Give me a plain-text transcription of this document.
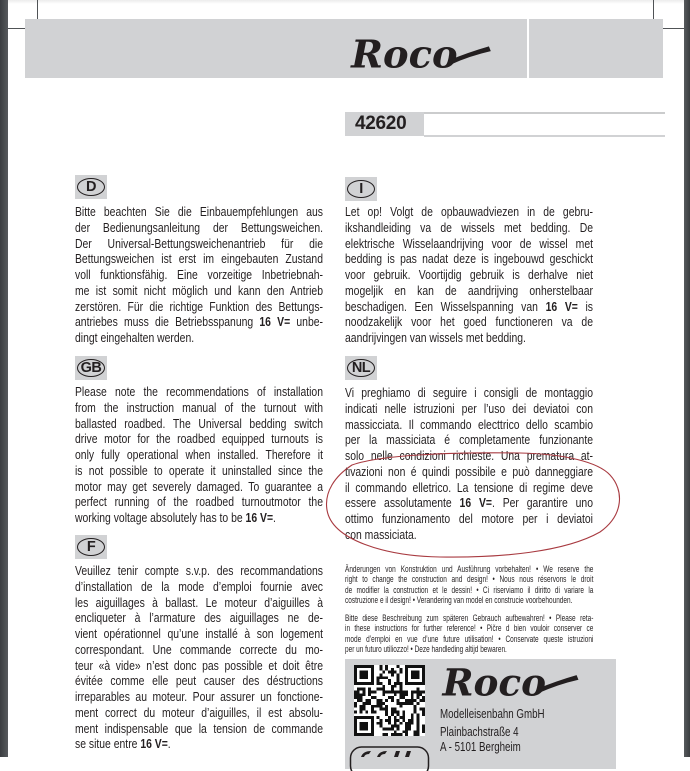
Roco
42620
D
Bitte beachten Sie die Einbauempfehlungen aus
der Bedienungsanleitung der Bettungsweichen.
Der Universal-Bettungsweichenantrieb für die
Bettungsweichen ist erst im eingebauten Zustand
voll funktionsfähig. Eine vorzeitige Inbetriebnah-
me ist somit nicht möglich und kann den Antrieb
zerstören. Für die richtige Funktion des Bettungs-
antriebes muss die Betriebsspanung 16 V= unbe-
dingt eingehalten werden.
GB
Please note the recommendations of installation
from the instruction manual of the turnout with
ballasted roadbed. The Universal bedding switch
drive motor for the roadbed equipped turnouts is
only fully operational when installed. Therefore it
is not possible to operate it uninstalled since the
motor may get severely damaged. To guarantee a
perfect running of the roadbed turnoutmotor the
working voltage absolutely has to be 16 V=.
F
Veuillez tenir compte s.v.p. des recommandations
d’installation de la mode d’emploi fournie avec
les aiguillages à ballast. Le moteur d’aiguilles à
encliqueter à l’armature des aiguillages ne de-
vient opérationnel qu’une installé à son logement
correspondant. Une commande correcte du mo-
teur «à vide» n’est donc pas possible et doit être
évitée comme elle peut causer des déstructions
irreparables au moteur. Pour assurer un fonctione-
ment correct du moteur d’aiguilles, il est absolu-
ment indispensable que la tension de commande
se situe entre 16 V=.
I
Let op! Volgt de opbauwadviezen in de gebru-
ikshandleiding va de wissels met bedding. De
elektrische Wisselaandrijving voor de wissel met
bedding is pas nadat deze is ingebouwd geschickt
voor gebruik. Voortijdig gebruik is derhalve niet
mogeljik en kan de aandrijving onherstelbaar
beschadigen. Een Wisselspanning van 16 V= is
noodzakelijk voor het goed functioneren va de
aandrijvingen van wissels met bedding.
NL
Vi preghiamo di seguire i consigli de montaggio
indicati nelle istruzioni per l’uso dei deviatoi con
massicciata. Il commando electtrico dello scambio
per la massiciata é completamente funzionante
solo nelle condizioni richieste. Una prematura at-
tivazioni non é quindi possibile e può danneggiare
il commando elletrico. La tensione di regime deve
essere assolutamente 16 V=. Per garantire uno
ottimo funzionamento del motore per i deviatoi
con massiciata.
Änderungen von Konstruktion und Ausführung vorbehalten! • We reserve the
right to change the construction and design! • Nous nous réservons le droit
de modifier la construction et le dessin! • Ci riserviamo il diritto di variare la
costruzione e il design! • Verandering van model en construcie voorbehounden.
Bitte diese Beschreibung zum späteren Gebrauch aufbewahren! • Please reta-
in these instructions for further reference! • Pičre d bien vouloir conserver ce
mode d’emploi en vue d’une future utilisation! • Conservate queste istruzioni
per un futuro utiliozzo! • Deze handleding altijd bewaren.
Roco
Modelleisenbahn GmbH
Plainbachstraße 4
A - 5101 Bergheim
